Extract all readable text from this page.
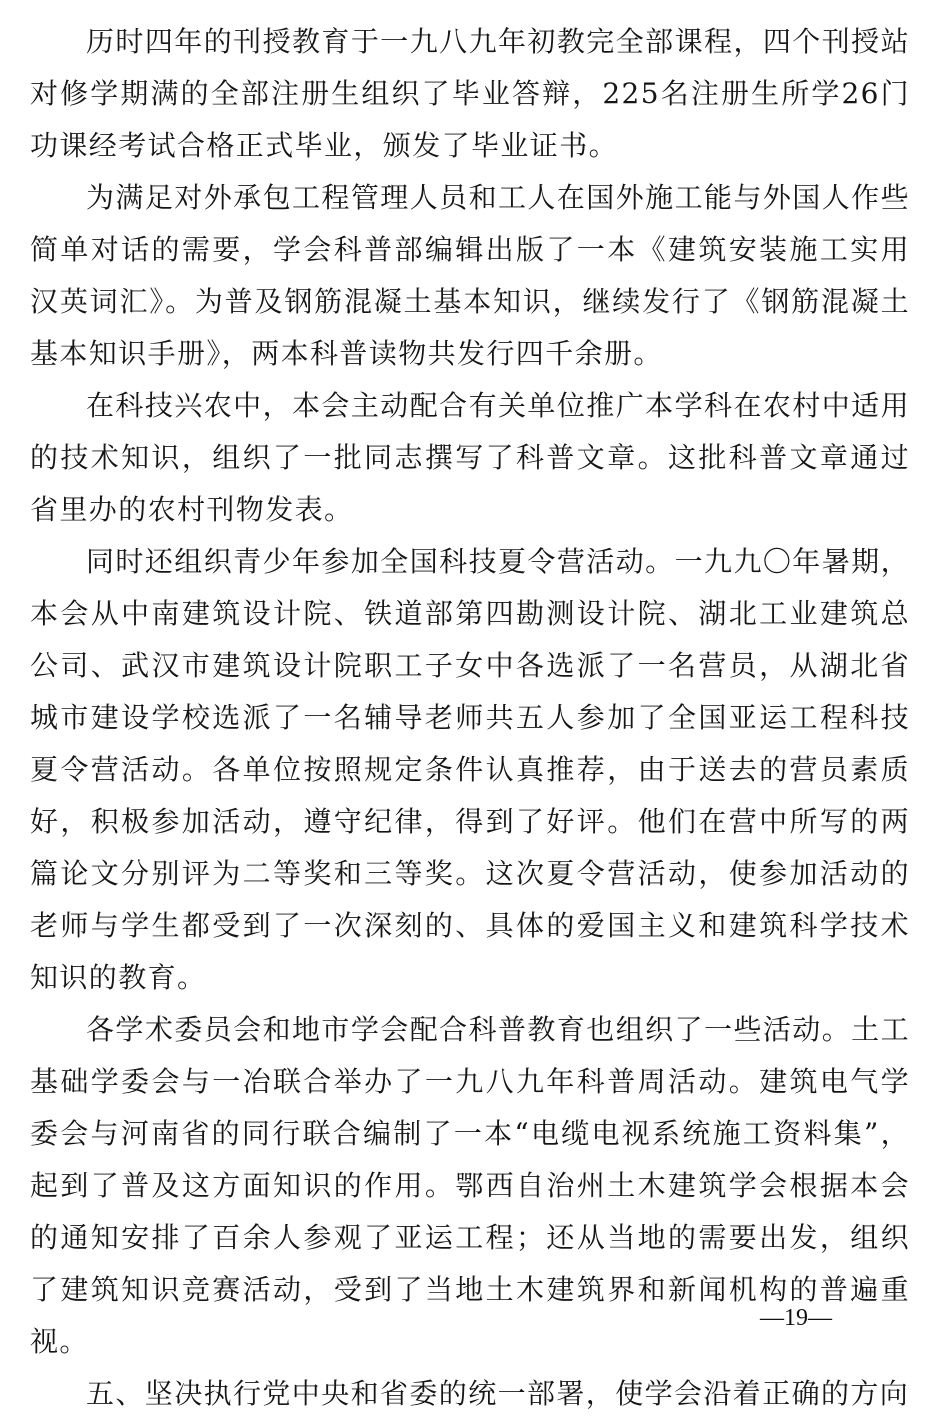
历时四年的刊授教育于一九八九年初教完全部课程，四个刊授站对修学期满的全部注册生组织了毕业答辩，225名注册生所学26门功课经考试合格正式毕业，颁发了毕业证书。

为满足对外承包工程管理人员和工人在国外施工能与外国人作些简单对话的需要，学会科普部编辑出版了一本《建筑安装施工实用汉英词汇》。为普及钢筋混凝土基本知识，继续发行了《钢筋混凝土基本知识手册》，两本科普读物共发行四千余册。

在科技兴农中，本会主动配合有关单位推广本学科在农村中适用的技术知识，组织了一批同志撰写了科普文章。这批科普文章通过省里办的农村刊物发表。

同时还组织青少年参加全国科技夏令营活动。一九九〇年暑期，本会从中南建筑设计院、铁道部第四勘测设计院、湖北工业建筑总公司、武汉市建筑设计院职工子女中各选派了一名营员，从湖北省城市建设学校选派了一名辅导老师共五人参加了全国亚运工程科技夏令营活动。各单位按照规定条件认真推荐，由于送去的营员素质好，积极参加活动，遵守纪律，得到了好评。他们在营中所写的两篇论文分别评为二等奖和三等奖。这次夏令营活动，使参加活动的老师与学生都受到了一次深刻的、具体的爱国主义和建筑科学技术知识的教育。

各学术委员会和地市学会配合科普教育也组织了一些活动。土工基础学委会与一冶联合举办了一九八九年科普周活动。建筑电气学委会与河南省的同行联合编制了一本“电缆电视系统施工资料集”，起到了普及这方面知识的作用。鄂西自治州土木建筑学会根据本会的通知安排了百余人参观了亚运工程；还从当地的需要出发，组织了建筑知识竞赛活动，受到了当地土木建筑界和新闻机构的普遍重视。

五、坚决执行党中央和省委的统一部署，使学会沿着正确的方向

—19—
